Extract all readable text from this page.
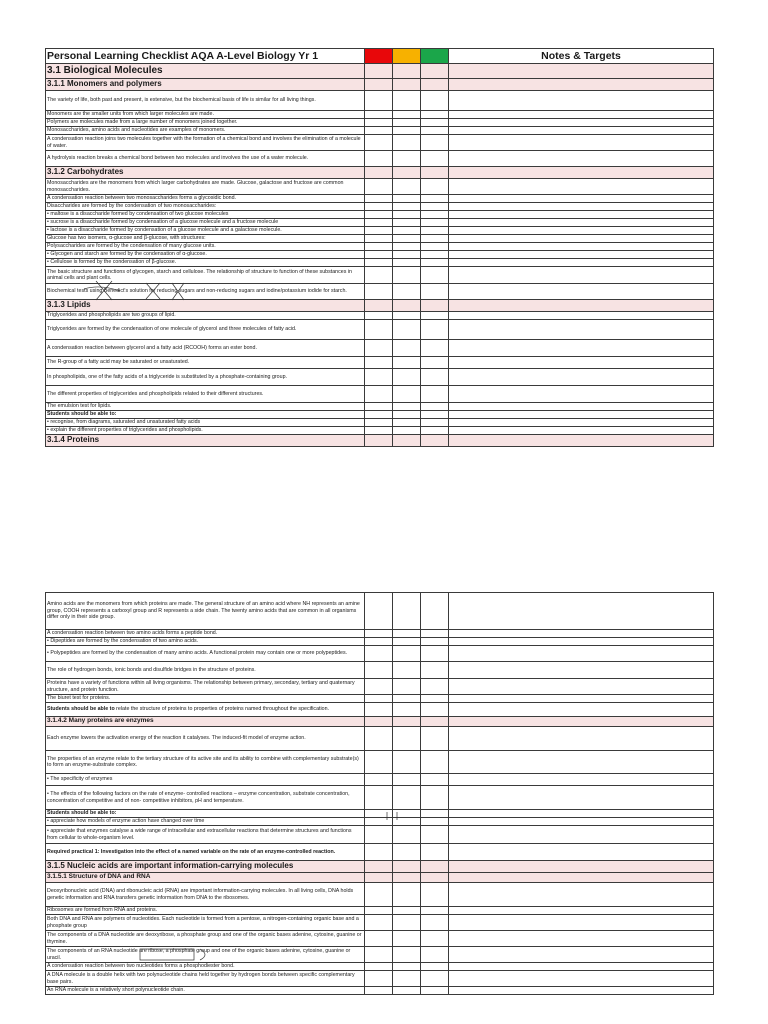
Personal Learning Checklist AQA A-Level Biology Yr 1				Notes & Targets
3.1 Biological Molecules				
3.1.1 Monomers and polymers				

The variety of life, both past and present, is extensive, but the biochemical basis of life is similar for all living things.				

Monomers are the smaller units from which larger molecules are made.				

Polymers are molecules made from a large number of monomers joined together.				

Monosaccharides, amino acids and nucleotides are examples of monomers.				

A condensation reaction joins two molecules together with the formation of a chemical bond and involves the elimination of a molecule of water.				

A hydrolysis reaction breaks a chemical bond between two molecules and involves the use of a water molecule.				

3.1.2 Carbohydrates				

Monosaccharides are the monomers from which larger carbohydrates are made. Glucose, galactose and fructose are common monosaccharides.				

A condensation reaction between two monosaccharides forms a glycosidic bond.				

Disaccharides are formed by the condensation of two monosaccharides:				

• maltose is a disaccharide formed by condensation of two glucose molecules				

• sucrose is a disaccharide formed by condensation of a glucose molecule and a fructose molecule				

• lactose is a disaccharide formed by condensation of a glucose molecule and a galactose molecule.				

Glucose has two isomers, α-glucose and β-glucose, with structures:				

Polysaccharides are formed by the condensation of many glucose units.				

• Glycogen and starch are formed by the condensation of α-glucose.				

• Cellulose is formed by the condensation of β-glucose.				

The basic structure and functions of glycogen, starch and cellulose. The relationship of structure to function of these substances in animal cells and plant cells.				

Biochemical tests using Benedict's solution for reducing sugars and non-reducing sugars and iodine/potassium iodide for starch.				

3.1.3 Lipids				

Triglycerides and phospholipids are two groups of lipid.				

Triglycerides are formed by the condensation of one molecule of glycerol and three molecules of fatty acid.				

A condensation reaction between glycerol and a fatty acid (RCOOH) forms an ester bond.				

The R-group of a fatty acid may be saturated or unsaturated.				

In phospholipids, one of the fatty acids of a triglyceride is substituted by a phosphate-containing group.				

The different properties of triglycerides and phospholipids related to their different structures.				

The emulsion test for lipids.				

Students should be able to:				

• recognise, from diagrams, saturated and unsaturated fatty acids				

• explain the different properties of triglycerides and phospholipids.				

3.1.4 Proteins				
Amino acids are the monomers from which proteins are made. The general structure of an amino acid where NH represents an amine group, COOH represents a carboxyl group and R represents a side chain. The twenty amino acids that are common in all organisms differ only in their side group.				

A condensation reaction between two amino acids forms a peptide bond.				

• Dipeptides are formed by the condensation of two amino acids.				

• Polypeptides are formed by the condensation of many amino acids. A functional protein may contain one or more polypeptides.				

The role of hydrogen bonds, ionic bonds and disulfide bridges in the structure of proteins.				

Proteins have a variety of functions within all living organisms. The relationship between primary, secondary, tertiary and quaternary structure, and protein function.				

The biuret test for proteins.				

Students should be able to relate the structure of proteins to properties of proteins named throughout the specification.				
3.1.4.2 Many proteins are enzymes				

Each enzyme lowers the activation energy of the reaction it catalyses. The induced-fit model of enzyme action.				

The properties of an enzyme relate to the tertiary structure of its active site and its ability to combine with complementary substrate(s) to form an enzyme-substrate complex.				

• The specificity of enzymes				

• The effects of the following factors on the rate of enzyme- controlled reactions – enzyme concentration, substrate concentration, concentration of competitive and of non- competitive inhibitors, pH and temperature.				

Students should be able to:				

• appreciate how models of enzyme action have changed over time				

• appreciate that enzymes catalyse a wide range of intracellular and extracellular reactions that determine structures and functions from cellular to whole-organism level.				

Required practical 1: Investigation into the effect of a named variable on the rate of an enzyme-controlled reaction.				

3.1.5 Nucleic acids are important information-carrying molecules				
3.1.5.1 Structure of DNA and RNA				

Deoxyribonucleic acid (DNA) and ribonucleic acid (RNA) are important information-carrying molecules. In all living cells, DNA holds genetic information and RNA transfers genetic information from DNA to the ribosomes.				

Ribosomes are formed from RNA and proteins.				

Both DNA and RNA are polymers of nucleotides. Each nucleotide is formed from a pentose, a nitrogen-containing organic base and a phosphate group				

The components of a DNA nucleotide are deoxyribose, a phosphate group and one of the organic bases adenine, cytosine, guanine or thymine.				

The components of an RNA nucleotide are ribose, a phosphate group and one of the organic bases adenine, cytosine, guanine or uracil.				

A condensation reaction between two nucleotides forms a phosphodiester bond.				

A DNA molecule is a double helix with two polynucleotide chains held together by hydrogen bonds between specific complementary base pairs.				

An RNA molecule is a relatively short polynucleotide chain.				
